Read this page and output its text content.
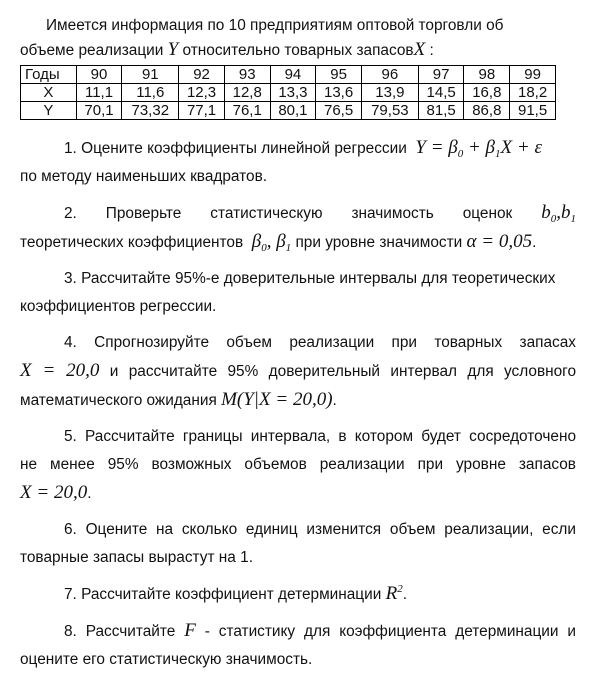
Имеется информация по 10 предприятиям оптовой торговли об

объеме реализации Y относительно товарных запасовX :

Годы	90	91	92	93	94	95	96	97	98	99
X	11,1	11,6	12,3	12,8	13,3	13,6	13,9	14,5	16,8	18,2
Y	70,1	73,32	77,1	76,1	80,1	76,5	79,53	81,5	86,8	91,5

1. Оцените коэффициенты линейной регрессии $Y = \beta_0 + \beta_1X + \varepsilon$

по методу наименьших квадратов.

2. Проверьте статистическую значимость оценок $b_0,b_1$

теоретических коэффициентов $\beta_0$, $\beta_1$ при уровне значимости α = 0,05.

3. Рассчитайте 95%-е доверительные интервалы для теоретических

коэффициентов регрессии.

4. Спрогнозируйте объем реализации при товарных запасах

X = 20,0 и рассчитайте 95% доверительный интервал для условного

математического ожидания M(Y|X = 20,0).

5. Рассчитайте границы интервала, в котором будет сосредоточено

не менее 95% возможных объемов реализации при уровне запасов

X = 20,0.

6. Оцените на сколько единиц изменится объем реализации, если

товарные запасы вырастут на 1.

7. Рассчитайте коэффициент детерминации $R^2$.

8. Рассчитайте F - статистику для коэффициента детерминации и

оцените его статистическую значимость.
